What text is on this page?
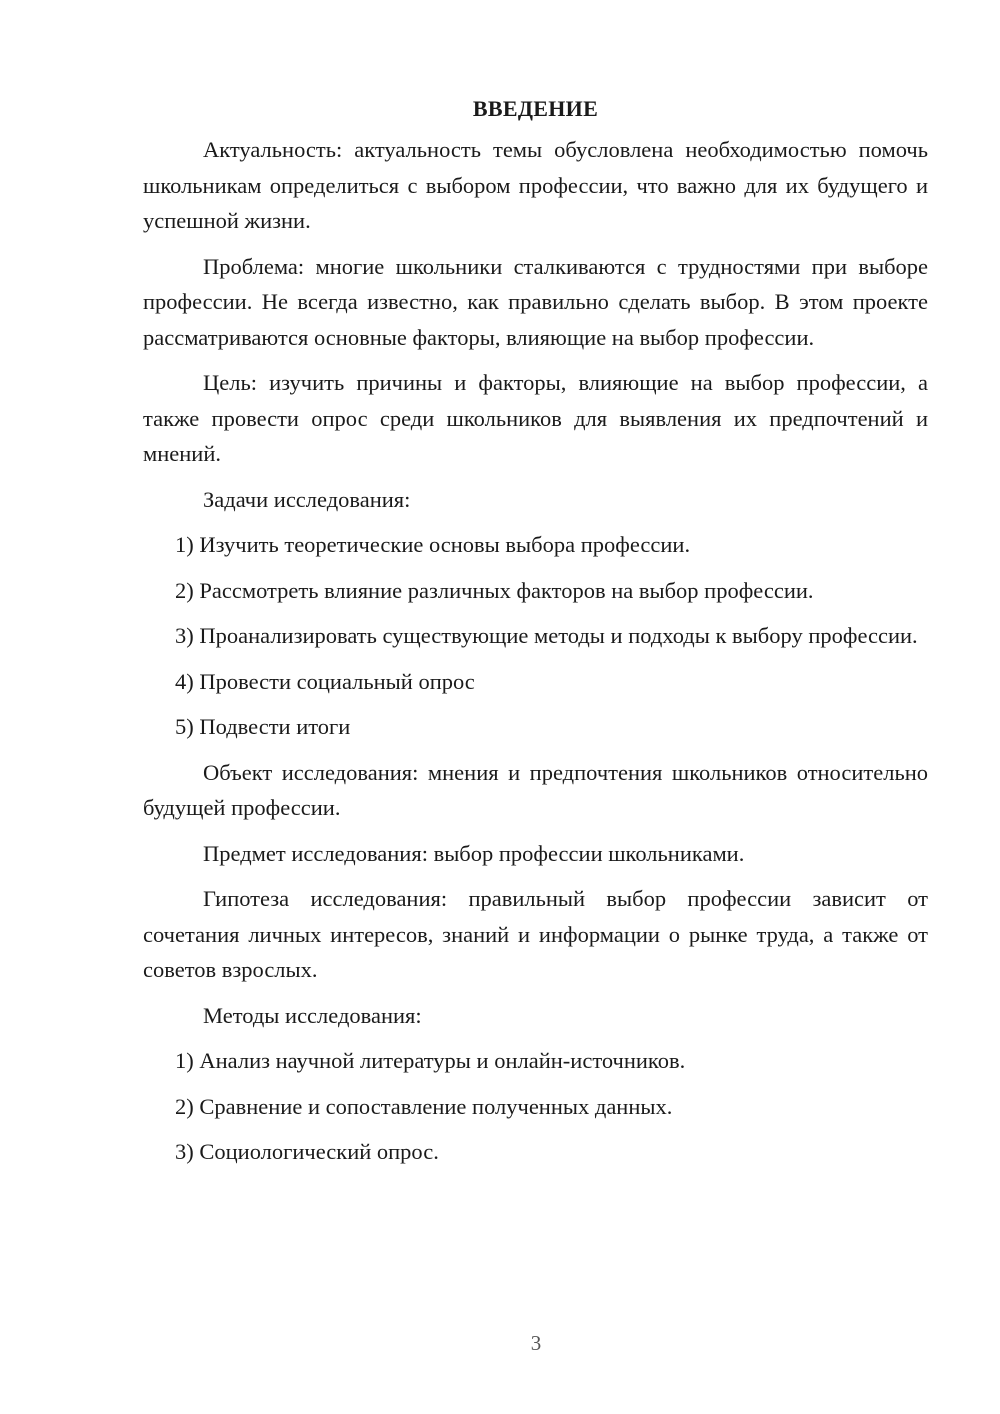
ВВЕДЕНИЕ

Актуальность: актуальность темы обусловлена необходимостью помочь школьникам определиться с выбором профессии, что важно для их будущего и успешной жизни.

Проблема: многие школьники сталкиваются с трудностями при выборе профессии. Не всегда известно, как правильно сделать выбор. В этом проекте рассматриваются основные факторы, влияющие на выбор профессии.

Цель: изучить причины и факторы, влияющие на выбор профессии, а также провести опрос среди школьников для выявления их предпочтений и мнений.

Задачи исследования:

1) Изучить теоретические основы выбора профессии.

2) Рассмотреть влияние различных факторов на выбор профессии.

3) Проанализировать существующие методы и подходы к выбору профессии.

4) Провести социальный опрос

5) Подвести итоги

Объект исследования: мнения и предпочтения школьников относительно будущей профессии.

Предмет исследования: выбор профессии школьниками.

Гипотеза исследования: правильный выбор профессии зависит от сочетания личных интересов, знаний и информации о рынке труда, а также от советов взрослых.

Методы исследования:

1) Анализ научной литературы и онлайн-источников.

2) Сравнение и сопоставление полученных данных.

3) Социологический опрос.

3
